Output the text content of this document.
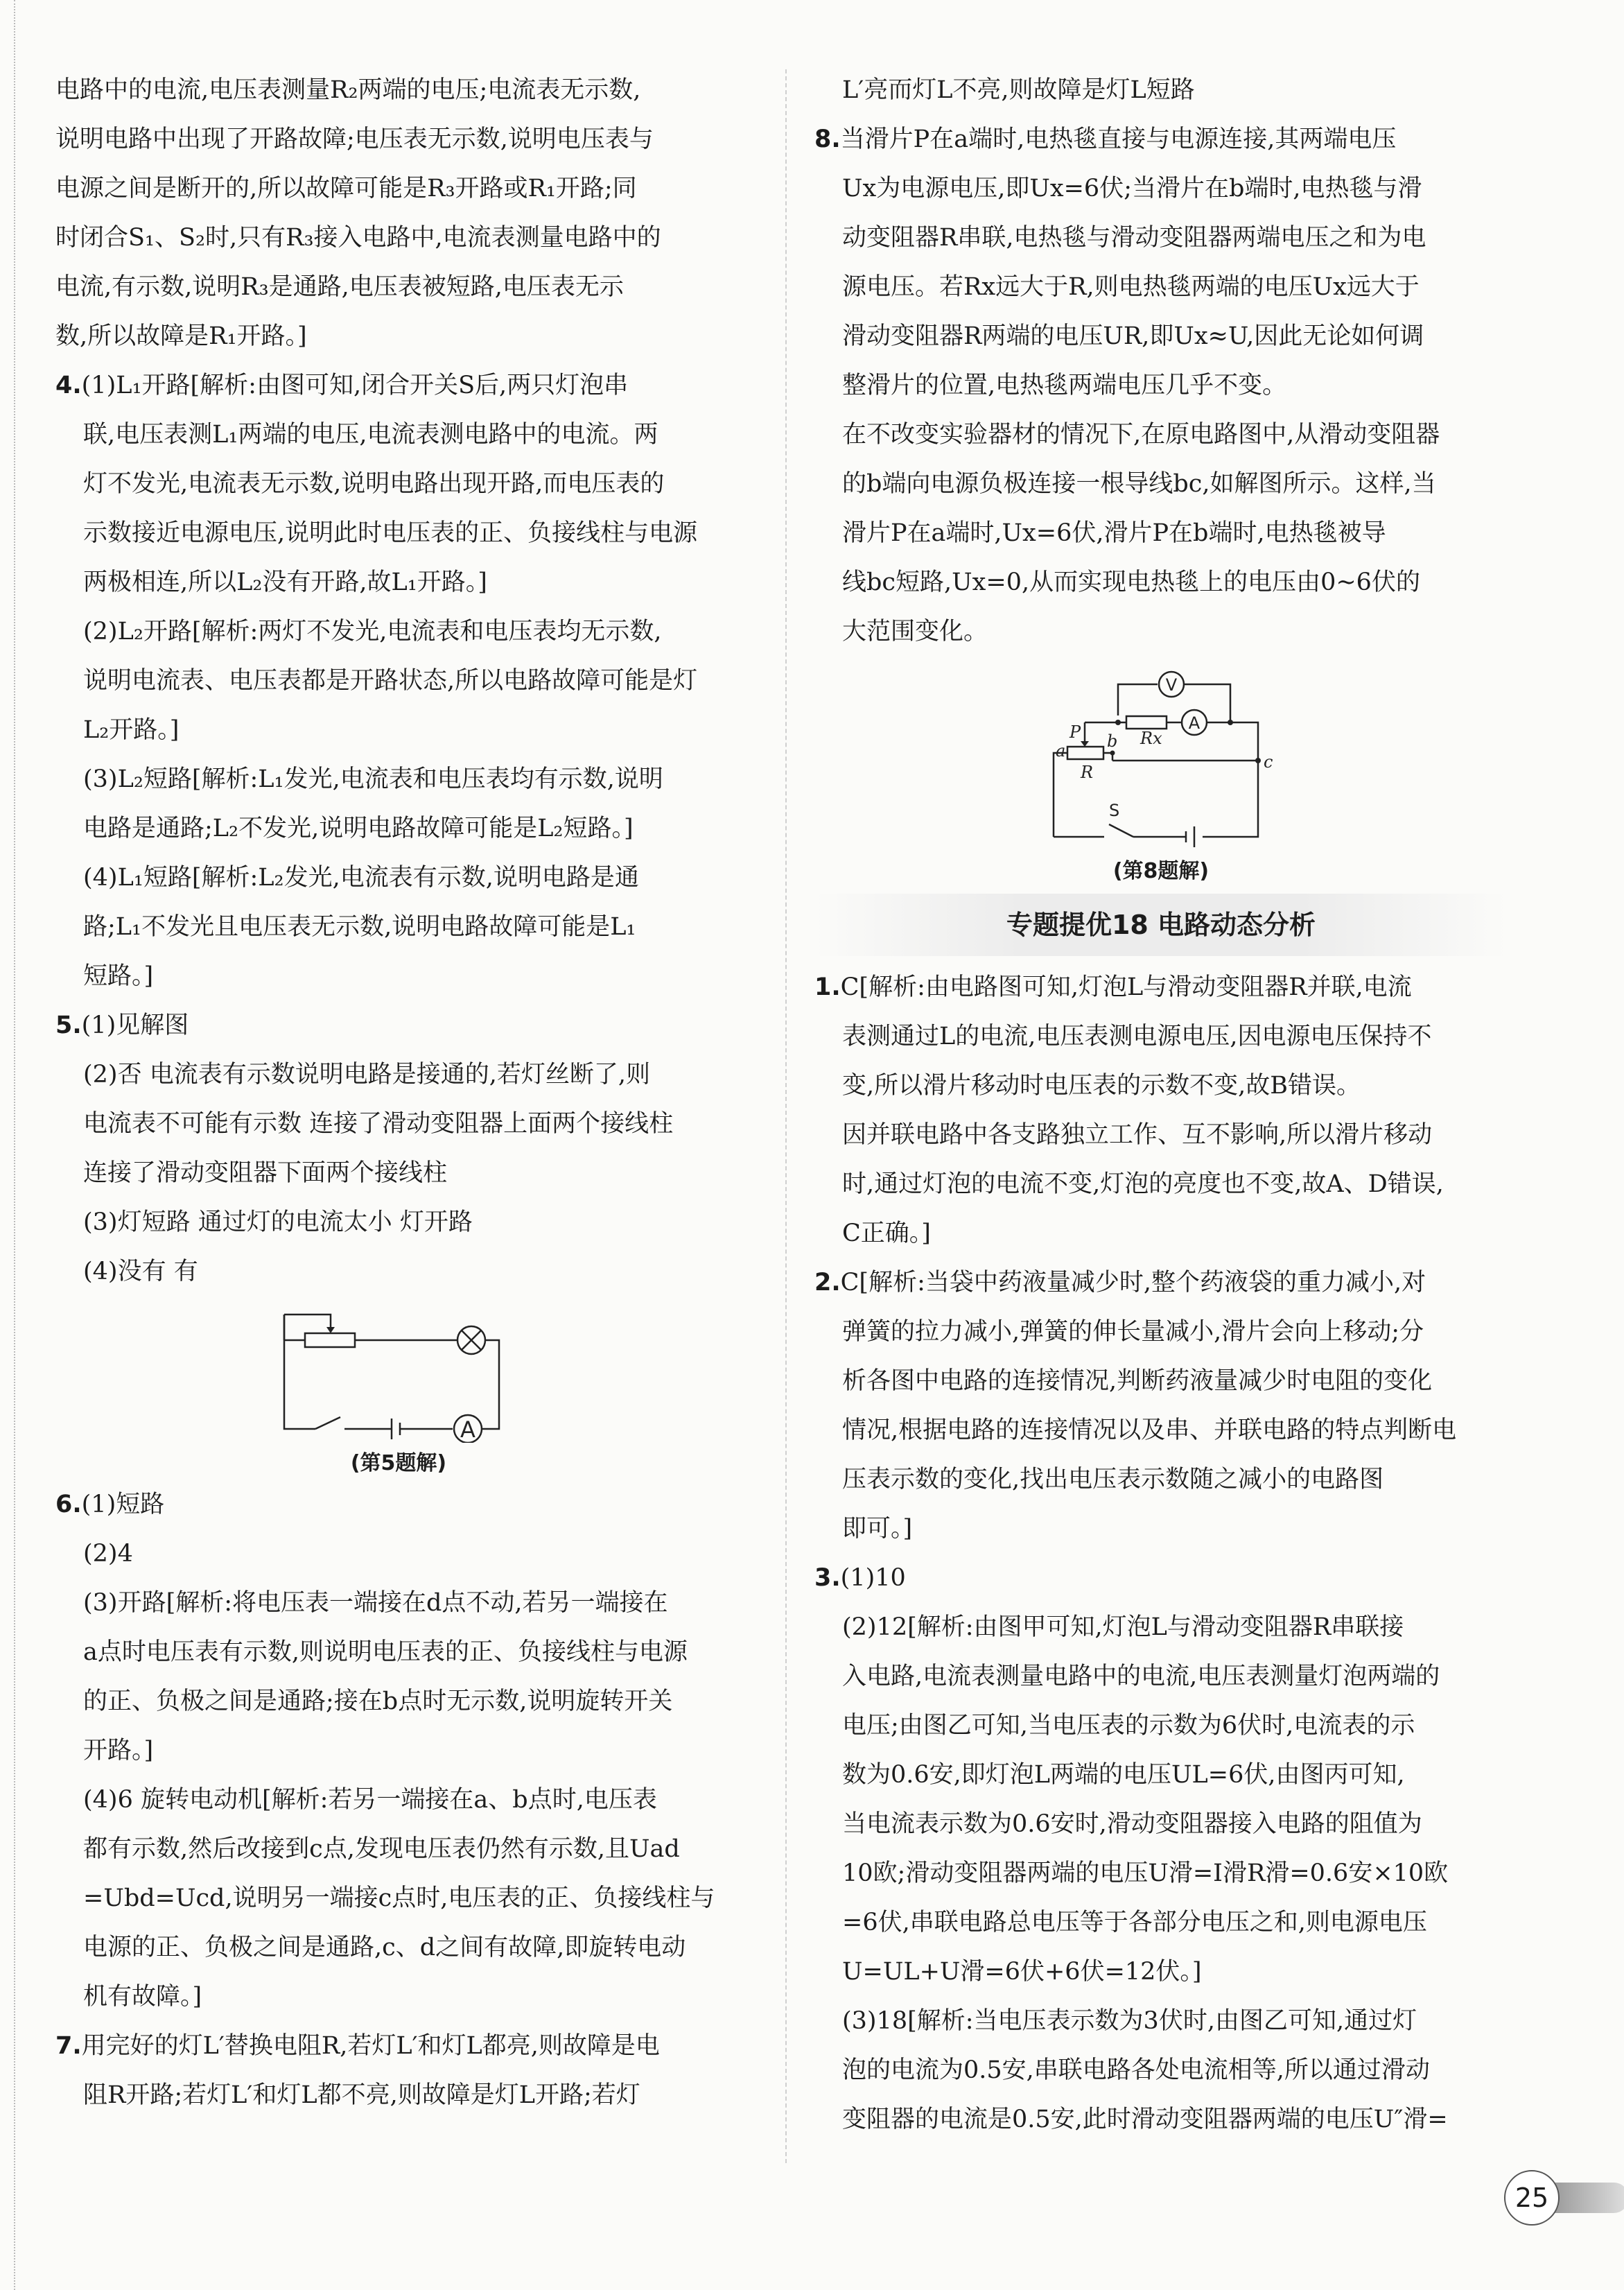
电路中的电流,电压表测量R₂两端的电压;电流表无示数,

说明电路中出现了开路故障;电压表无示数,说明电压表与

电源之间是断开的,所以故障可能是R₃开路或R₁开路;同

时闭合S₁、S₂时,只有R₃接入电路中,电流表测量电路中的

电流,有示数,说明R₃是通路,电压表被短路,电压表无示

数,所以故障是R₁开路。]

4.(1)L₁开路[解析:由图可知,闭合开关S后,两只灯泡串

联,电压表测L₁两端的电压,电流表测电路中的电流。两

灯不发光,电流表无示数,说明电路出现开路,而电压表的

示数接近电源电压,说明此时电压表的正、负接线柱与电源

两极相连,所以L₂没有开路,故L₁开路。]

(2)L₂开路[解析:两灯不发光,电流表和电压表均无示数,

说明电流表、电压表都是开路状态,所以电路故障可能是灯

L₂开路。]

(3)L₂短路[解析:L₁发光,电流表和电压表均有示数,说明

电路是通路;L₂不发光,说明电路故障可能是L₂短路。]

(4)L₁短路[解析:L₂发光,电流表有示数,说明电路是通

路;L₁不发光且电压表无示数,说明电路故障可能是L₁

短路。]

5.(1)见解图

(2)否 电流表有示数说明电路是接通的,若灯丝断了,则

电流表不可能有示数 连接了滑动变阻器上面两个接线柱

连接了滑动变阻器下面两个接线柱

(3)灯短路 通过灯的电流太小 灯开路

(4)没有 有

A
(第5题解)

6.(1)短路

(2)4

(3)开路[解析:将电压表一端接在d点不动,若另一端接在

a点时电压表有示数,则说明电压表的正、负接线柱与电源

的正、负极之间是通路;接在b点时无示数,说明旋转开关

开路。]

(4)6 旋转电动机[解析:若另一端接在a、b点时,电压表

都有示数,然后改接到c点,发现电压表仍然有示数,且Uad

=Ubd=Ucd,说明另一端接c点时,电压表的正、负接线柱与

电源的正、负极之间是通路,c、d之间有故障,即旋转电动

机有故障。]

7.用完好的灯L′替换电阻R,若灯L′和灯L都亮,则故障是电

阻R开路;若灯L′和灯L都不亮,则故障是灯L开路;若灯

L′亮而灯L不亮,则故障是灯L短路

8.当滑片P在a端时,电热毯直接与电源连接,其两端电压

Ux为电源电压,即Ux=6伏;当滑片在b端时,电热毯与滑

动变阻器R串联,电热毯与滑动变阻器两端电压之和为电

源电压。若Rx远大于R,则电热毯两端的电压Ux远大于

滑动变阻器R两端的电压UR,即Ux≈U,因此无论如何调

整滑片的位置,电热毯两端电压几乎不变。

在不改变实验器材的情况下,在原电路图中,从滑动变阻器

的b端向电源负极连接一根导线bc,如解图所示。这样,当

滑片P在a端时,Ux=6伏,滑片P在b端时,电热毯被导

线bc短路,Ux=0,从而实现电热毯上的电压由0~6伏的

大范围变化。

V
A
Rx
P
a b
R
c
S
(第8题解)
专题提优18 电路动态分析

1.C[解析:由电路图可知,灯泡L与滑动变阻器R并联,电流

表测通过L的电流,电压表测电源电压,因电源电压保持不

变,所以滑片移动时电压表的示数不变,故B错误。

因并联电路中各支路独立工作、互不影响,所以滑片移动

时,通过灯泡的电流不变,灯泡的亮度也不变,故A、D错误,

C正确。]

2.C[解析:当袋中药液量减少时,整个药液袋的重力减小,对

弹簧的拉力减小,弹簧的伸长量减小,滑片会向上移动;分

析各图中电路的连接情况,判断药液量减少时电阻的变化

情况,根据电路的连接情况以及串、并联电路的特点判断电

压表示数的变化,找出电压表示数随之减小的电路图

即可。]

3.(1)10

(2)12[解析:由图甲可知,灯泡L与滑动变阻器R串联接

入电路,电流表测量电路中的电流,电压表测量灯泡两端的

电压;由图乙可知,当电压表的示数为6伏时,电流表的示

数为0.6安,即灯泡L两端的电压UL=6伏,由图丙可知,

当电流表示数为0.6安时,滑动变阻器接入电路的阻值为

10欧;滑动变阻器两端的电压U滑=I滑R滑=0.6安×10欧

=6伏,串联电路总电压等于各部分电压之和,则电源电压

U=UL+U滑=6伏+6伏=12伏。]

(3)18[解析:当电压表示数为3伏时,由图乙可知,通过灯

泡的电流为0.5安,串联电路各处电流相等,所以通过滑动

变阻器的电流是0.5安,此时滑动变阻器两端的电压U″滑=

25
